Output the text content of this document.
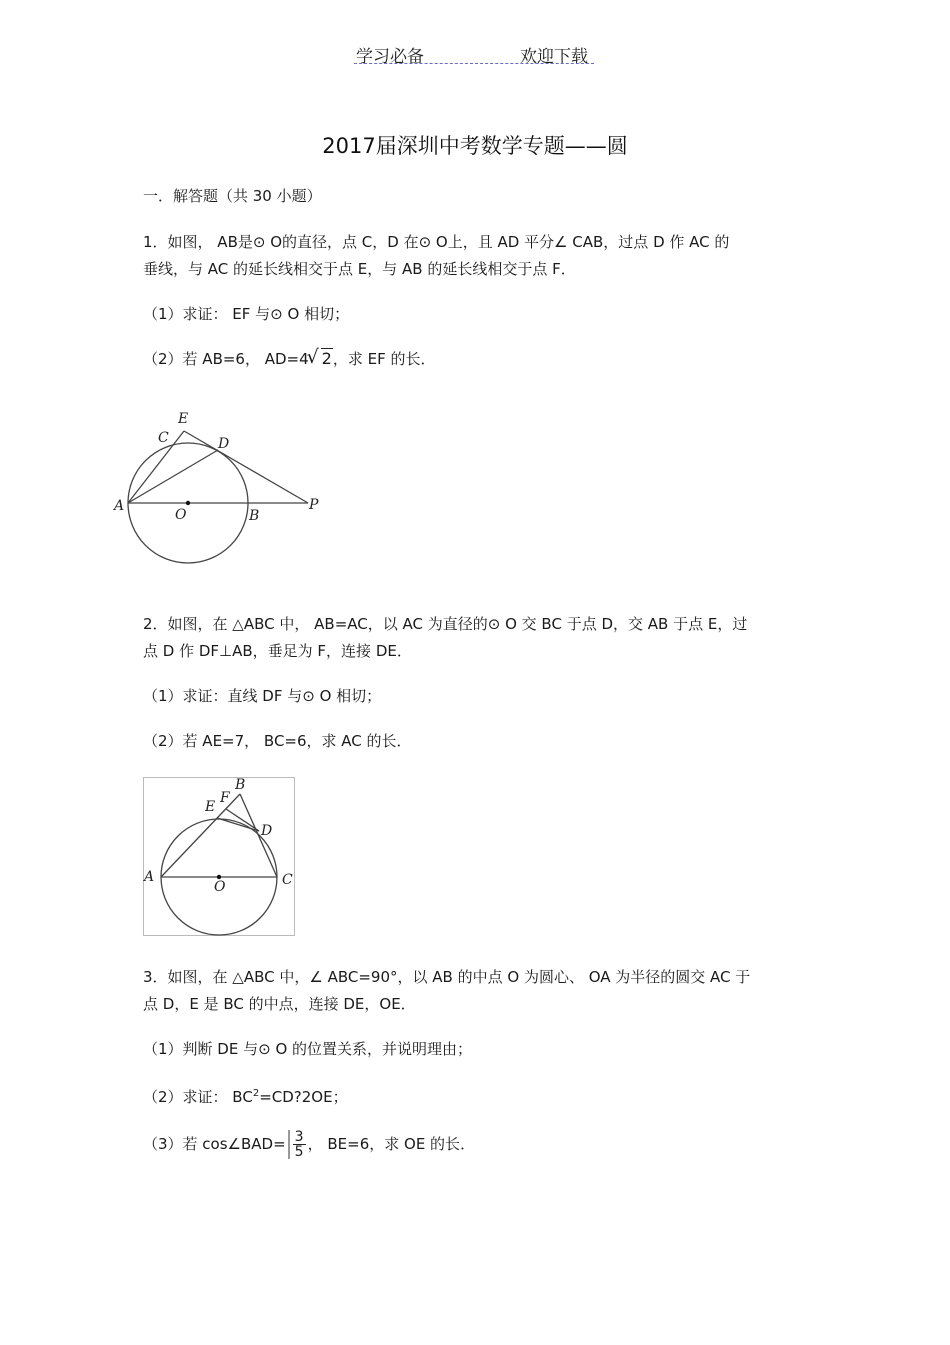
学习必备	欢迎下载
2017届深圳中考数学专题——圆
一．解答题（共 30 小题）
1．如图， AB是⊙ O的直径，点 C，D 在⊙ O上，且 AD 平分∠ CAB，过点 D 作 AC 的
垂线，与 AC 的延长线相交于点 E，与 AB 的延长线相交于点 F．
（1）求证： EF 与⊙ O 相切；
（2）若 AB=6， AD=4√ 2，求 EF 的长．
E
C	D
A
O	B
P
2．如图，在 △ABC 中， AB=AC，以 AC 为直径的⊙ O 交 BC 于点 D，交 AB 于点 E，过
点 D 作 DF⊥AB，垂足为 F，连接 DE．
（1）求证：直线 DF 与⊙ O 相切；
（2）若 AE=7， BC=6，求 AC 的长．
B
F
E
D
A
O	C
3．如图，在 △ABC 中，∠ ABC=90°，以 AB 的中点 O 为圆心、 OA 为半径的圆交 AC 于
点 D，E 是 BC 的中点，连接 DE，OE．
（1）判断 DE 与⊙ O 的位置关系，并说明理由；
（2）求证： $BC^2=CD?2OE$；
（3）若 cos∠BAD= $\frac{3}{5}$ ， BE=6，求 OE 的长．
